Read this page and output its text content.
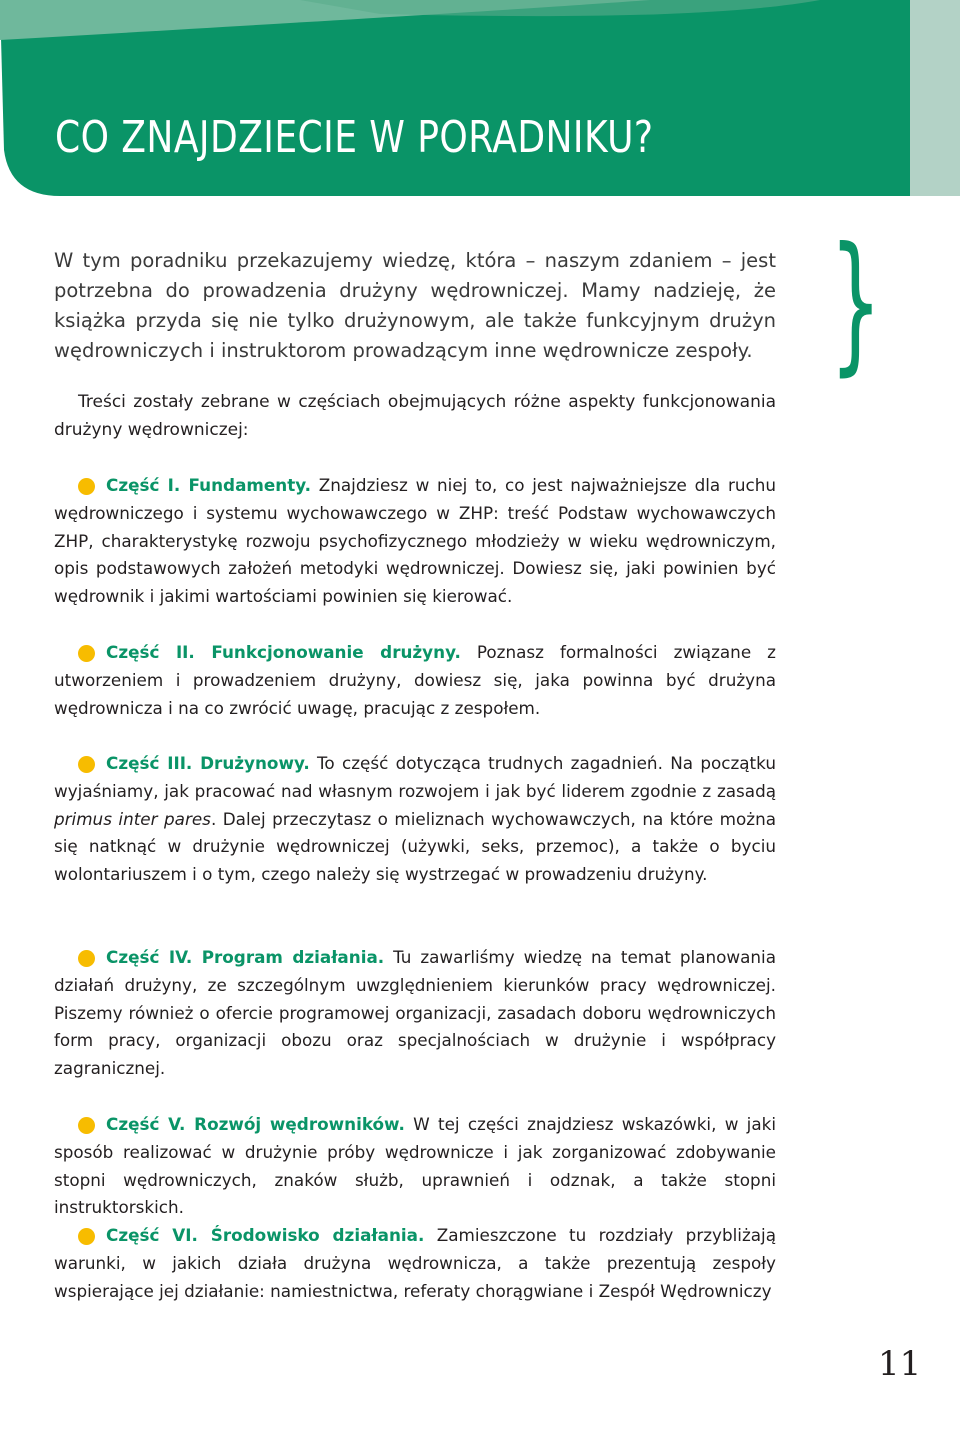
CO ZNAJDZIECIE W PORADNIKU?

W tym poradniku przekazujemy wiedzę, która – naszym zdaniem – jest potrzebna do prowadzenia drużyny wędrowniczej. Mamy nadzieję, że książka przyda się nie tylko drużynowym, ale także funkcyjnym drużyn wędrowniczych i instruktorom prowadzącym inne wędrownicze zespoły. }

Treści zostały zebrane w częściach obejmujących różne aspekty funkcjonowania drużyny wędrowniczej:

Część I. Fundamenty. Znajdziesz w niej to, co jest najważniejsze dla ruchu wędrowniczego i systemu wychowawczego w ZHP: treść Podstaw wychowawczych ZHP, charakterystykę rozwoju psychofizycznego młodzieży w wieku wędrowniczym, opis podstawowych założeń metodyki wędrowniczej. Dowiesz się, jaki powinien być wędrownik i jakimi wartościami powinien się kierować.

Część II. Funkcjonowanie drużyny. Poznasz formalności związane z utworzeniem i prowadzeniem drużyny, dowiesz się, jaka powinna być drużyna wędrownicza i na co zwrócić uwagę, pracując z zespołem.

Część III. Drużynowy. To część dotycząca trudnych zagadnień. Na początku wyjaśniamy, jak pracować nad własnym rozwojem i jak być liderem zgodnie z zasadą primus inter pares. Dalej przeczytasz o mieliznach wychowawczych, na które można się natknąć w drużynie wędrowniczej (używki, seks, przemoc), a także o byciu wolontariuszem i o tym, czego należy się wystrzegać w prowadzeniu drużyny.

Część IV. Program działania. Tu zawarliśmy wiedzę na temat planowania działań drużyny, ze szczególnym uwzględnieniem kierunków pracy wędrowniczej. Piszemy również o ofercie programowej organizacji, zasadach doboru wędrowniczych form pracy, organizacji obozu oraz specjalnościach w drużynie i współpracy zagranicznej.

Część V. Rozwój wędrowników. W tej części znajdziesz wskazówki, w jaki sposób realizować w drużynie próby wędrownicze i jak zorganizować zdobywanie stopni wędrowniczych, znaków służb, uprawnień i odznak, a także stopni instruktorskich.

Część VI. Środowisko działania. Zamieszczone tu rozdziały przybliżają warunki, w jakich działa drużyna wędrownicza, a także prezentują zespoły wspierające jej działanie: namiestnictwa, referaty chorągwiane i Zespół Wędrowniczy

11
